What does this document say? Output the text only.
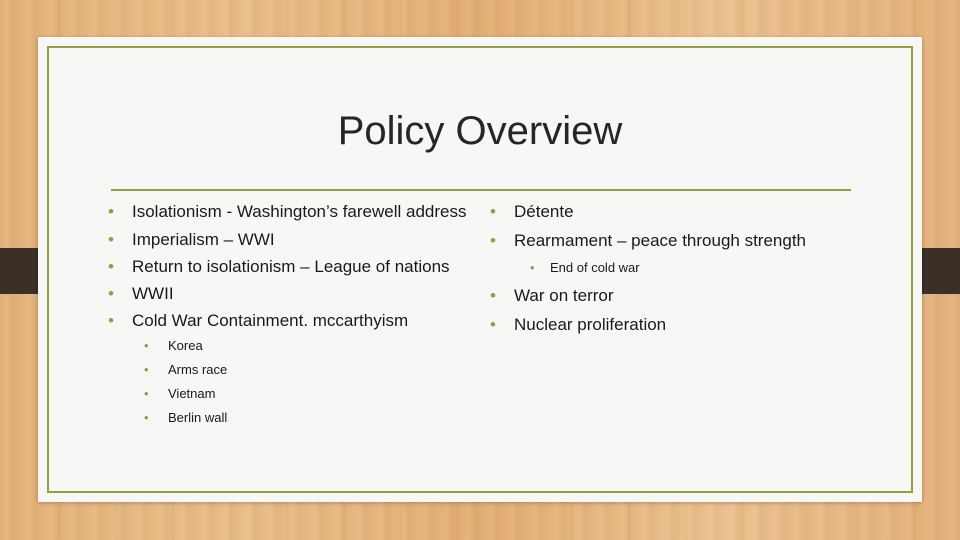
Policy Overview
• Isolationism - Washington’s farewell address
• Imperialism – WWI
• Return to isolationism – League of nations
• WWII
• Cold War Containment. mccarthyism
• Korea
• Arms race
• Vietnam
• Berlin wall
• Détente
• Rearmament – peace through strength
• End of cold war
• War on terror
• Nuclear proliferation
